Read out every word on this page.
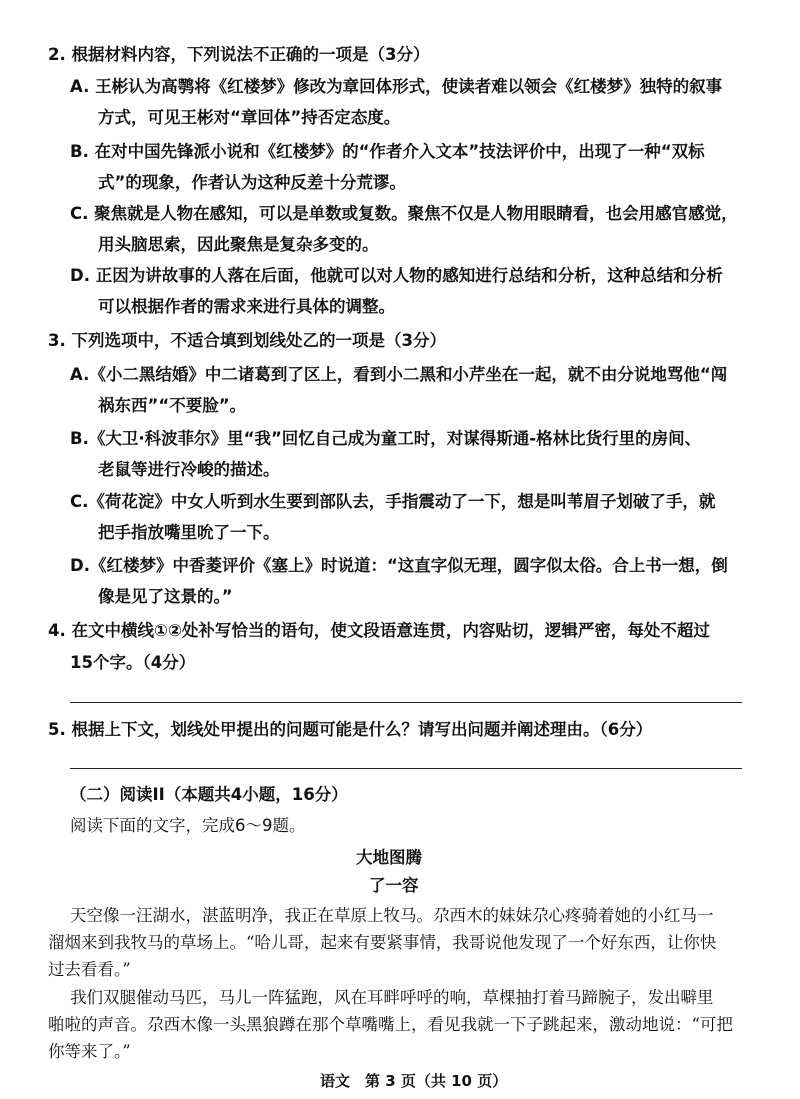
2. 根据材料内容，下列说法不正确的一项是（3分）
A. 王彬认为高鹗将《红楼梦》修改为章回体形式，使读者难以领会《红楼梦》独特的叙事
方式，可见王彬对“章回体”持否定态度。
B. 在对中国先锋派小说和《红楼梦》的“作者介入文本”技法评价中，出现了一种“双标
式”的现象，作者认为这种反差十分荒谬。
C. 聚焦就是人物在感知，可以是单数或复数。聚焦不仅是人物用眼睛看，也会用感官感觉，
用头脑思索，因此聚焦是复杂多变的。
D. 正因为讲故事的人落在后面，他就可以对人物的感知进行总结和分析，这种总结和分析
可以根据作者的需求来进行具体的调整。
3. 下列选项中，不适合填到划线处乙的一项是（3分）
A.《小二黑结婚》中二诸葛到了区上，看到小二黑和小芹坐在一起，就不由分说地骂他“闯
祸东西”“不要脸”。
B.《大卫·科波菲尔》里“我”回忆自己成为童工时，对谋得斯通-格林比货行里的房间、
老鼠等进行冷峻的描述。
C.《荷花淀》中女人听到水生要到部队去，手指震动了一下，想是叫苇眉子划破了手，就
把手指放嘴里吮了一下。
D.《红楼梦》中香菱评价《塞上》时说道：“这直字似无理，圆字似太俗。合上书一想，倒
像是见了这景的。”
4. 在文中横线①②处补写恰当的语句，使文段语意连贯，内容贴切，逻辑严密，每处不超过
15个字。（4分）
5. 根据上下文，划线处甲提出的问题可能是什么？请写出问题并阐述理由。（6分）
（二）阅读II（本题共4小题，16分）
阅读下面的文字，完成6～9题。
大地图腾
了一容
天空像一汪湖水，湛蓝明净，我正在草原上牧马。尕西木的妹妹尕心疼骑着她的小红马一
溜烟来到我牧马的草场上。“哈儿哥，起来有要紧事情，我哥说他发现了一个好东西，让你快
过去看看。”
我们双腿催动马匹，马儿一阵猛跑，风在耳畔呼呼的响，草棵抽打着马蹄腕子，发出噼里
啪啦的声音。尕西木像一头黑狼蹲在那个草嘴嘴上，看见我就一下子跳起来，激动地说：“可把
你等来了。”
语文　第 3 页（共 10 页）
